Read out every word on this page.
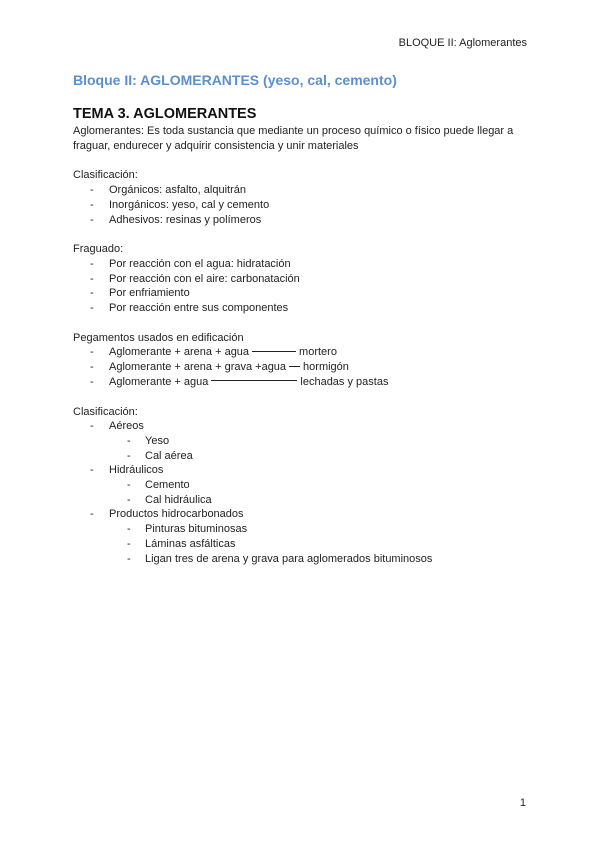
BLOQUE II: Aglomerantes
Bloque II: AGLOMERANTES (yeso, cal, cemento)
TEMA 3. AGLOMERANTES

Aglomerantes: Es toda sustancia que mediante un proceso químico o físico puede llegar a fraguar, endurecer y adquirir consistencia y unir materiales

Clasificación:

- Orgánicos: asfalto, alquitrán
- Inorgánicos: yeso, cal y cemento
- Adhesivos: resinas y polímeros

Fraguado:

- Por reacción con el agua: hidratación
- Por reacción con el aire: carbonatación
- Por enfriamiento
- Por reacción entre sus componentes

Pegamentos usados en edificación

- Aglomerante + arena + agua	mortero
- Aglomerante + arena + grava +agua hormigón
- Aglomerante + agua	lechadas y pastas

Clasificación:

- Aéreos
- Yeso
- Cal aérea
- Hidráulicos
- Cemento
- Cal hidráulica
- Productos hidrocarbonados
- Pinturas bituminosas
- Láminas asfálticas
- Ligan tres de arena y grava para aglomerados bituminosos
1
